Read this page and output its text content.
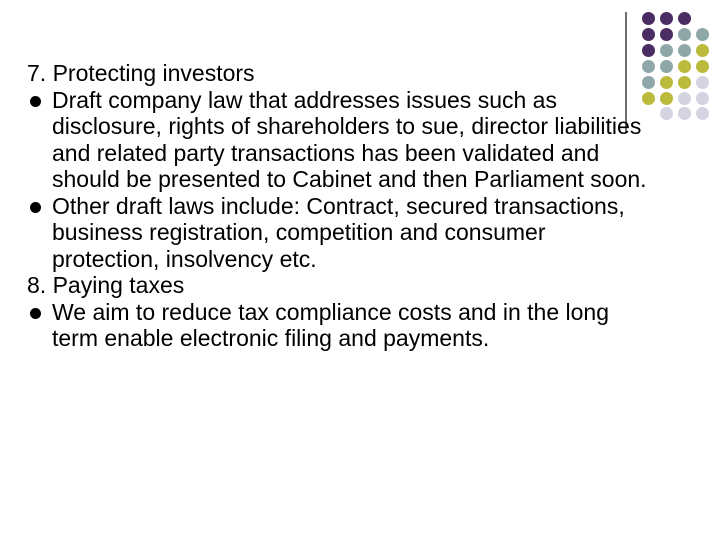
7. Protecting investors

Draft company law that addresses issues such as disclosure, rights of shareholders to sue, director liabilities and related party transactions has been validated and should be presented to Cabinet and then Parliament soon.

Other draft laws include: Contract, secured transactions, business registration, competition and consumer protection, insolvency etc.

8. Paying taxes

We aim to reduce tax compliance costs and in the long term enable electronic filing and payments.
